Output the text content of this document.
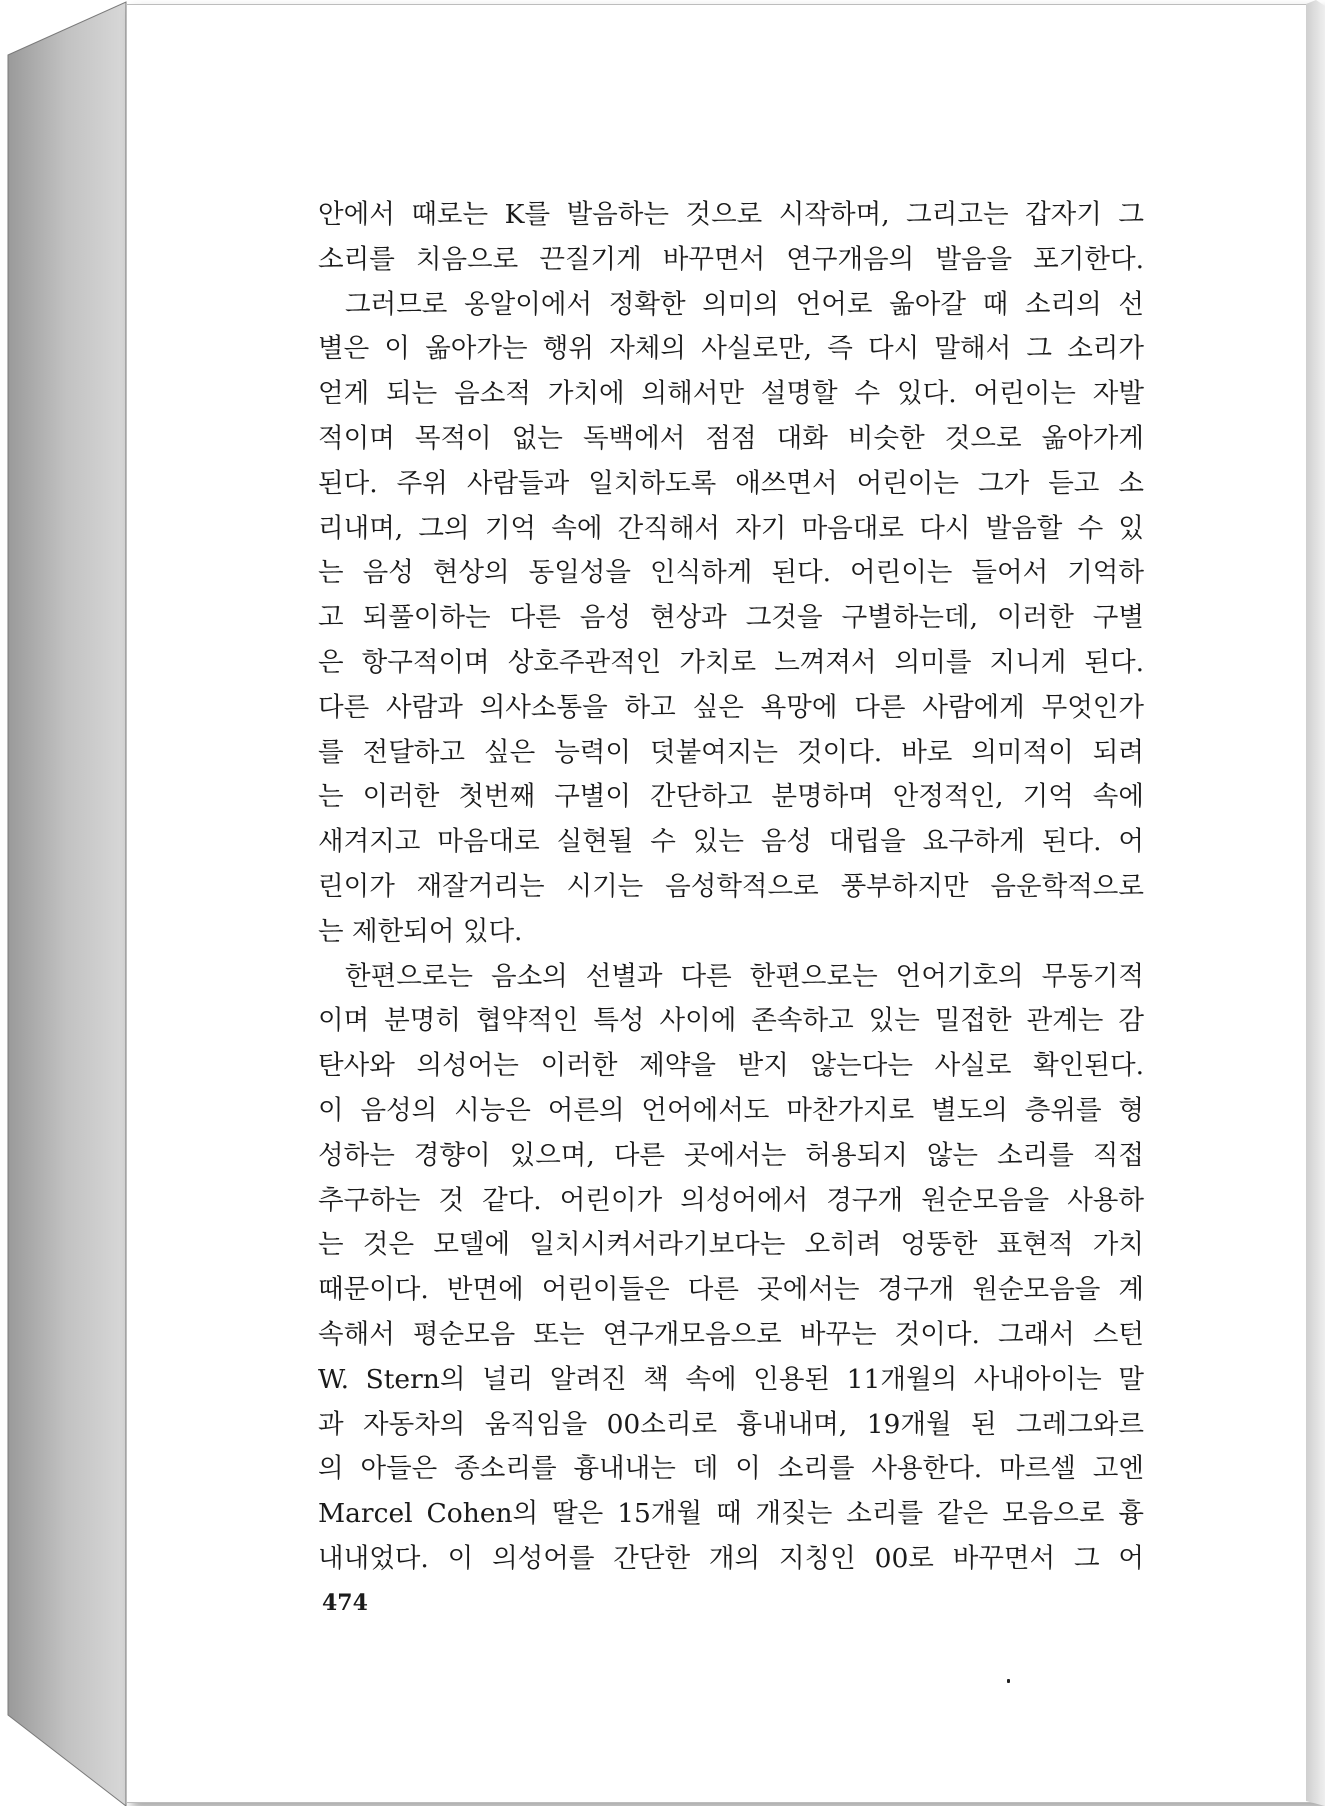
안에서 때로는 K를 발음하는 것으로 시작하며, 그리고는 갑자기 그
소리를 치음으로 끈질기게 바꾸면서 연구개음의 발음을 포기한다.
그러므로 옹알이에서 정확한 의미의 언어로 옮아갈 때 소리의 선
별은 이 옮아가는 행위 자체의 사실로만, 즉 다시 말해서 그 소리가
얻게 되는 음소적 가치에 의해서만 설명할 수 있다. 어린이는 자발
적이며 목적이 없는 독백에서 점점 대화 비슷한 것으로 옮아가게
된다. 주위 사람들과 일치하도록 애쓰면서 어린이는 그가 듣고 소
리내며, 그의 기억 속에 간직해서 자기 마음대로 다시 발음할 수 있
는 음성 현상의 동일성을 인식하게 된다. 어린이는 들어서 기억하
고 되풀이하는 다른 음성 현상과 그것을 구별하는데, 이러한 구별
은 항구적이며 상호주관적인 가치로 느껴져서 의미를 지니게 된다.
다른 사람과 의사소통을 하고 싶은 욕망에 다른 사람에게 무엇인가
를 전달하고 싶은 능력이 덧붙여지는 것이다. 바로 의미적이 되려
는 이러한 첫번째 구별이 간단하고 분명하며 안정적인, 기억 속에
새겨지고 마음대로 실현될 수 있는 음성 대립을 요구하게 된다. 어
린이가 재잘거리는 시기는 음성학적으로 풍부하지만 음운학적으로
는 제한되어 있다.
한편으로는 음소의 선별과 다른 한편으로는 언어기호의 무동기적
이며 분명히 협약적인 특성 사이에 존속하고 있는 밀접한 관계는 감
탄사와 의성어는 이러한 제약을 받지 않는다는 사실로 확인된다.
이 음성의 시능은 어른의 언어에서도 마찬가지로 별도의 층위를 형
성하는 경향이 있으며, 다른 곳에서는 허용되지 않는 소리를 직접
추구하는 것 같다. 어린이가 의성어에서 경구개 원순모음을 사용하
는 것은 모델에 일치시켜서라기보다는 오히려 엉뚱한 표현적 가치
때문이다. 반면에 어린이들은 다른 곳에서는 경구개 원순모음을 계
속해서 평순모음 또는 연구개모음으로 바꾸는 것이다. 그래서 스턴
W. Stern의 널리 알려진 책 속에 인용된 11개월의 사내아이는 말
과 자동차의 움직임을 00소리로 흉내내며, 19개월 된 그레그와르
의 아들은 종소리를 흉내내는 데 이 소리를 사용한다. 마르셀 고엔
Marcel Cohen의 딸은 15개월 때 개짖는 소리를 같은 모음으로 흉
내내었다. 이 의성어를 간단한 개의 지칭인 00로 바꾸면서 그 어
474
